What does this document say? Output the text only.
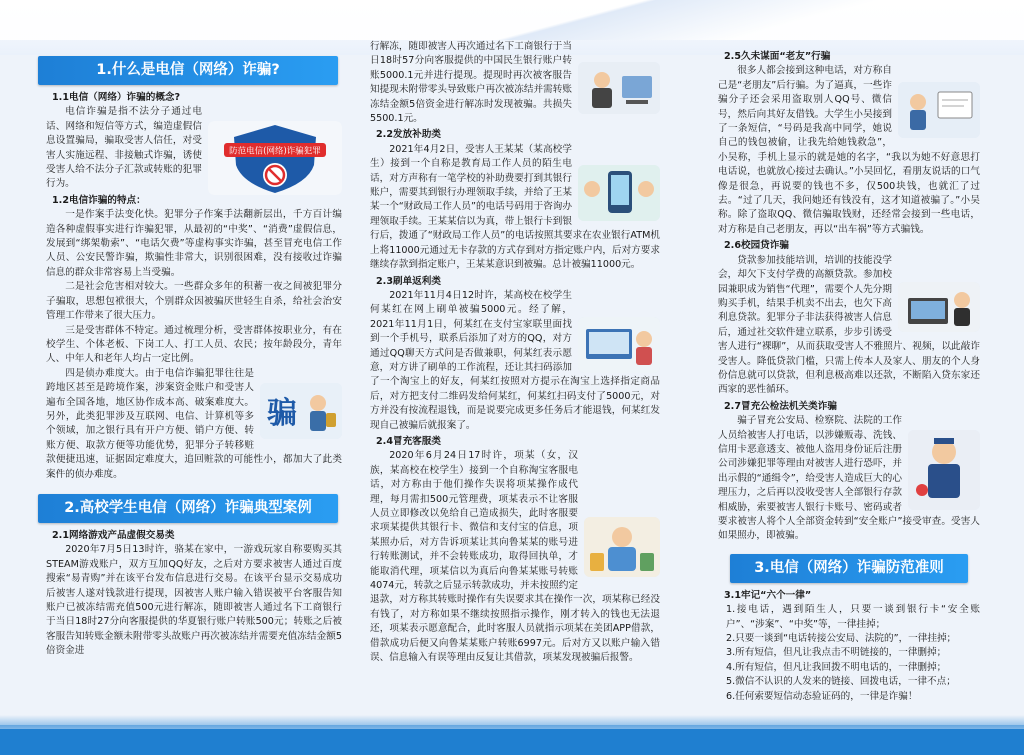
1.什么是电信（网络）诈骗?
1.1电信（网络）诈骗的概念?
防范电信(网络)诈骗犯罪

电信诈骗是指不法分子通过电话、网络和短信等方式，编造虚假信息设置骗局，骗取受害人信任，对受害人实施远程、非接触式诈骗，诱使受害人给不法分子汇款或转账的犯罪行为。

1.2电信诈骗的特点：

一是作案手法变化快。犯罪分子作案手法翻新层出，千方百计编造各种虚假事实进行诈骗犯罪，从最初的“中奖”、“消费”虚假信息，发展到“绑架勒索”、“电话欠费”等虚构事实诈骗，甚至冒充电信工作人员、公安民警诈骗，欺骗性非常大，识别很困难，没有接收过诈骗信息的群众非常容易上当受骗。

二是社会危害相对较大。一些群众多年的积蓄一夜之间被犯罪分子骗取，思想包袱很大，个别群众因被骗厌世轻生自杀，给社会治安管理工作带来了很大压力。

三是受害群体不特定。通过梳理分析，受害群体按职业分，有在校学生、个体老板、下岗工人、打工人员、农民；按年龄段分，青年人、中年人和老年人均占一定比例。

骗

四是侦办难度大。由于电信诈骗犯罪往往是跨地区甚至是跨境作案，涉案资金账户和受害人遍布全国各地，地区协作成本高、破案难度大。另外，此类犯罪涉及互联网、电信、计算机等多个领域，加之银行具有开户方便、销户方便、转账方便、取款方便等功能优势，犯罪分子转移赃款便捷迅速，证据固定难度大，追回赃款的可能性小，都加大了此类案件的侦办难度。

2.高校学生电信（网络）诈骗典型案例
2.1网络游戏产品虚假交易类

2020年7月5日13时许，骆某在家中，一游戏玩家自称要购买其STEAM游戏账户，双方互加QQ好友，之后对方要求被害人通过百度搜索“易青购”并在该平台发布信息进行交易。在该平台显示交易成功后被害人遂对钱款进行提现，因被害人账户输入错误被平台客服告知账户已被冻结需充值500元进行解冻，随即被害人通过名下工商银行于当日18时27分向客服提供的华夏银行账户转账500元；转账之后被客服告知转账金额未附带零头故账户再次被冻结并需要充值冻结金额5倍资金进

行解冻，随即被害人再次通过名下工商银行于当日18时57分向客服提供的中国民生银行账户转账5000.1元并进行提现。提现时再次被客服告知提现未附带零头导致账户再次被冻结并需转账冻结金额5倍资金进行解冻时发现被骗。共损失5500.1元。

2.2发放补助类

2021年4月2日，受害人王某某（某高校学生）接到一个自称是教育局工作人员的陌生电话，对方声称有一笔学校的补助费要打到其银行账户，需要其到银行办理领取手续，并给了王某某一个“财政局工作人员”的电话号码用于咨询办理领取手续。王某某信以为真，带上银行卡到银行后，拨通了“财政局工作人员”的电话按照其要求在农业银行ATM机上将11000元通过无卡存款的方式存到对方指定账户内，后对方要求继续存款到指定账户，王某某意识到被骗。总计被骗11000元。

2.3刷单返利类

2021年11月4日12时许，某高校在校学生何某红在网上刷单被骗5000元。经了解，2021年11月1日，何某红在支付宝家联里面找到一个手机号，联系后添加了对方的QQ，对方通过QQ聊天方式问是否做兼职，何某红表示愿意，对方讲了刷单的工作流程，还让其扫码添加了一个淘宝上的好友，何某红按照对方提示在淘宝上选择指定商品后，对方把支付二维码发给何某红，何某红扫码支付了5000元，对方并没有按流程退钱，而是说要完成更多任务后才能退钱，何某红发现自己被骗后就报案了。

2.4冒充客服类

2020年6月24日17时许，项某（女，汉族，某高校在校学生）接到一个自称淘宝客服电话，对方称由于他们操作失误将项某操作成代理，每月需扣500元管理费，项某表示不让客服人员立即修改以免给自己造成损失，此时客服要求项某提供其银行卡、微信和支付宝的信息，项某照办后，对方告诉项某让其向鲁某某的账号进行转账测试，并不会转账成功，取得回执单，才能取消代理，项某信以为真后向鲁某某账号转账4074元，转款之后显示转款成功，并未按照约定退款，对方称其转账时操作有失误要求其在操作一次，项某称已经没有钱了，对方称如果不继续按照指示操作，刚才转入的钱也无法退还，项某表示愿意配合，此时客服人员就指示项某在美团APP借款，借款成功后便又向鲁某某账户转账6997元。后对方又以账户输入错误、信息输入有误等理由反复让其借款，项某发现被骗后报警。

2.5久未谋面“老友”行骗

很多人都会接到这种电话，对方称自己是“老朋友”后行骗。为了逼真，一些诈骗分子还会采用盗取别人QQ号、微信号，然后向其好友借钱。大学生小吴接到了一条短信，“号码是我高中同学，她说自己的钱包被偷，让我先给她钱救急”，小吴称，手机上显示的就是她的名字，“我以为她不好意思打电话说，也就放心接过去确认。”小吴回忆，看朋友说话的口气像是很急，再说要的钱也不多，仅500块钱，也就汇了过去。“过了几天，我问她还有钱没有，这才知道被骗了。”小吴称。除了盗取QQ、微信骗取钱财，还经常会接到一些电话，对方称是自己老朋友，再以“出车祸”等方式骗钱。

2.6校园贷诈骗

贷款参加技能培训，培训的技能没学会，却欠下支付学费的高额贷款。参加校园兼职成为销售“代理”，需要个人先分期购买手机，结果手机卖不出去，也欠下高利息贷款。犯罪分子非法获得被害人信息后，通过社交软件建立联系，步步引诱受害人进行“裸聊”，从而获取受害人不雅照片、视频，以此敲诈受害人。降低贷款门槛，只需上传本人及家人、朋友的个人身份信息就可以贷款，但利息极高难以还款，不断陷入贷东家还西家的恶性循环。

2.7冒充公检法机关类诈骗

骗子冒充公安局、检察院、法院的工作人员给被害人打电话，以涉嫌贩毒、洗钱、信用卡恶意透支、被他人盗用身份证后注册公司涉嫌犯罪等理由对被害人进行恐吓，并出示假的“通缉令”，给受害人造成巨大的心理压力，之后再以没收受害人全部银行存款相威胁，索要被害人银行卡账号、密码或者要求被害人将个人全部资金转到“安全账户”接受审查。受害人如果照办，即被骗。

3.电信（网络）诈骗防范准则
3.1牢记“六个一律”

1.接电话，遇到陌生人，只要一谈到银行卡“安全账户”、“涉案”、“中奖”等，一律挂掉；

2.只要一谈到“电话转接公安局、法院的”，一律挂掉；

3.所有短信，但凡让我点击不明链接的，一律删掉；

4.所有短信，但凡让我回拨不明电话的，一律删掉；

5.微信不认识的人发来的链接、回拨电话，一律不点；

6.任何索要短信动态验证码的，一律是诈骗！
